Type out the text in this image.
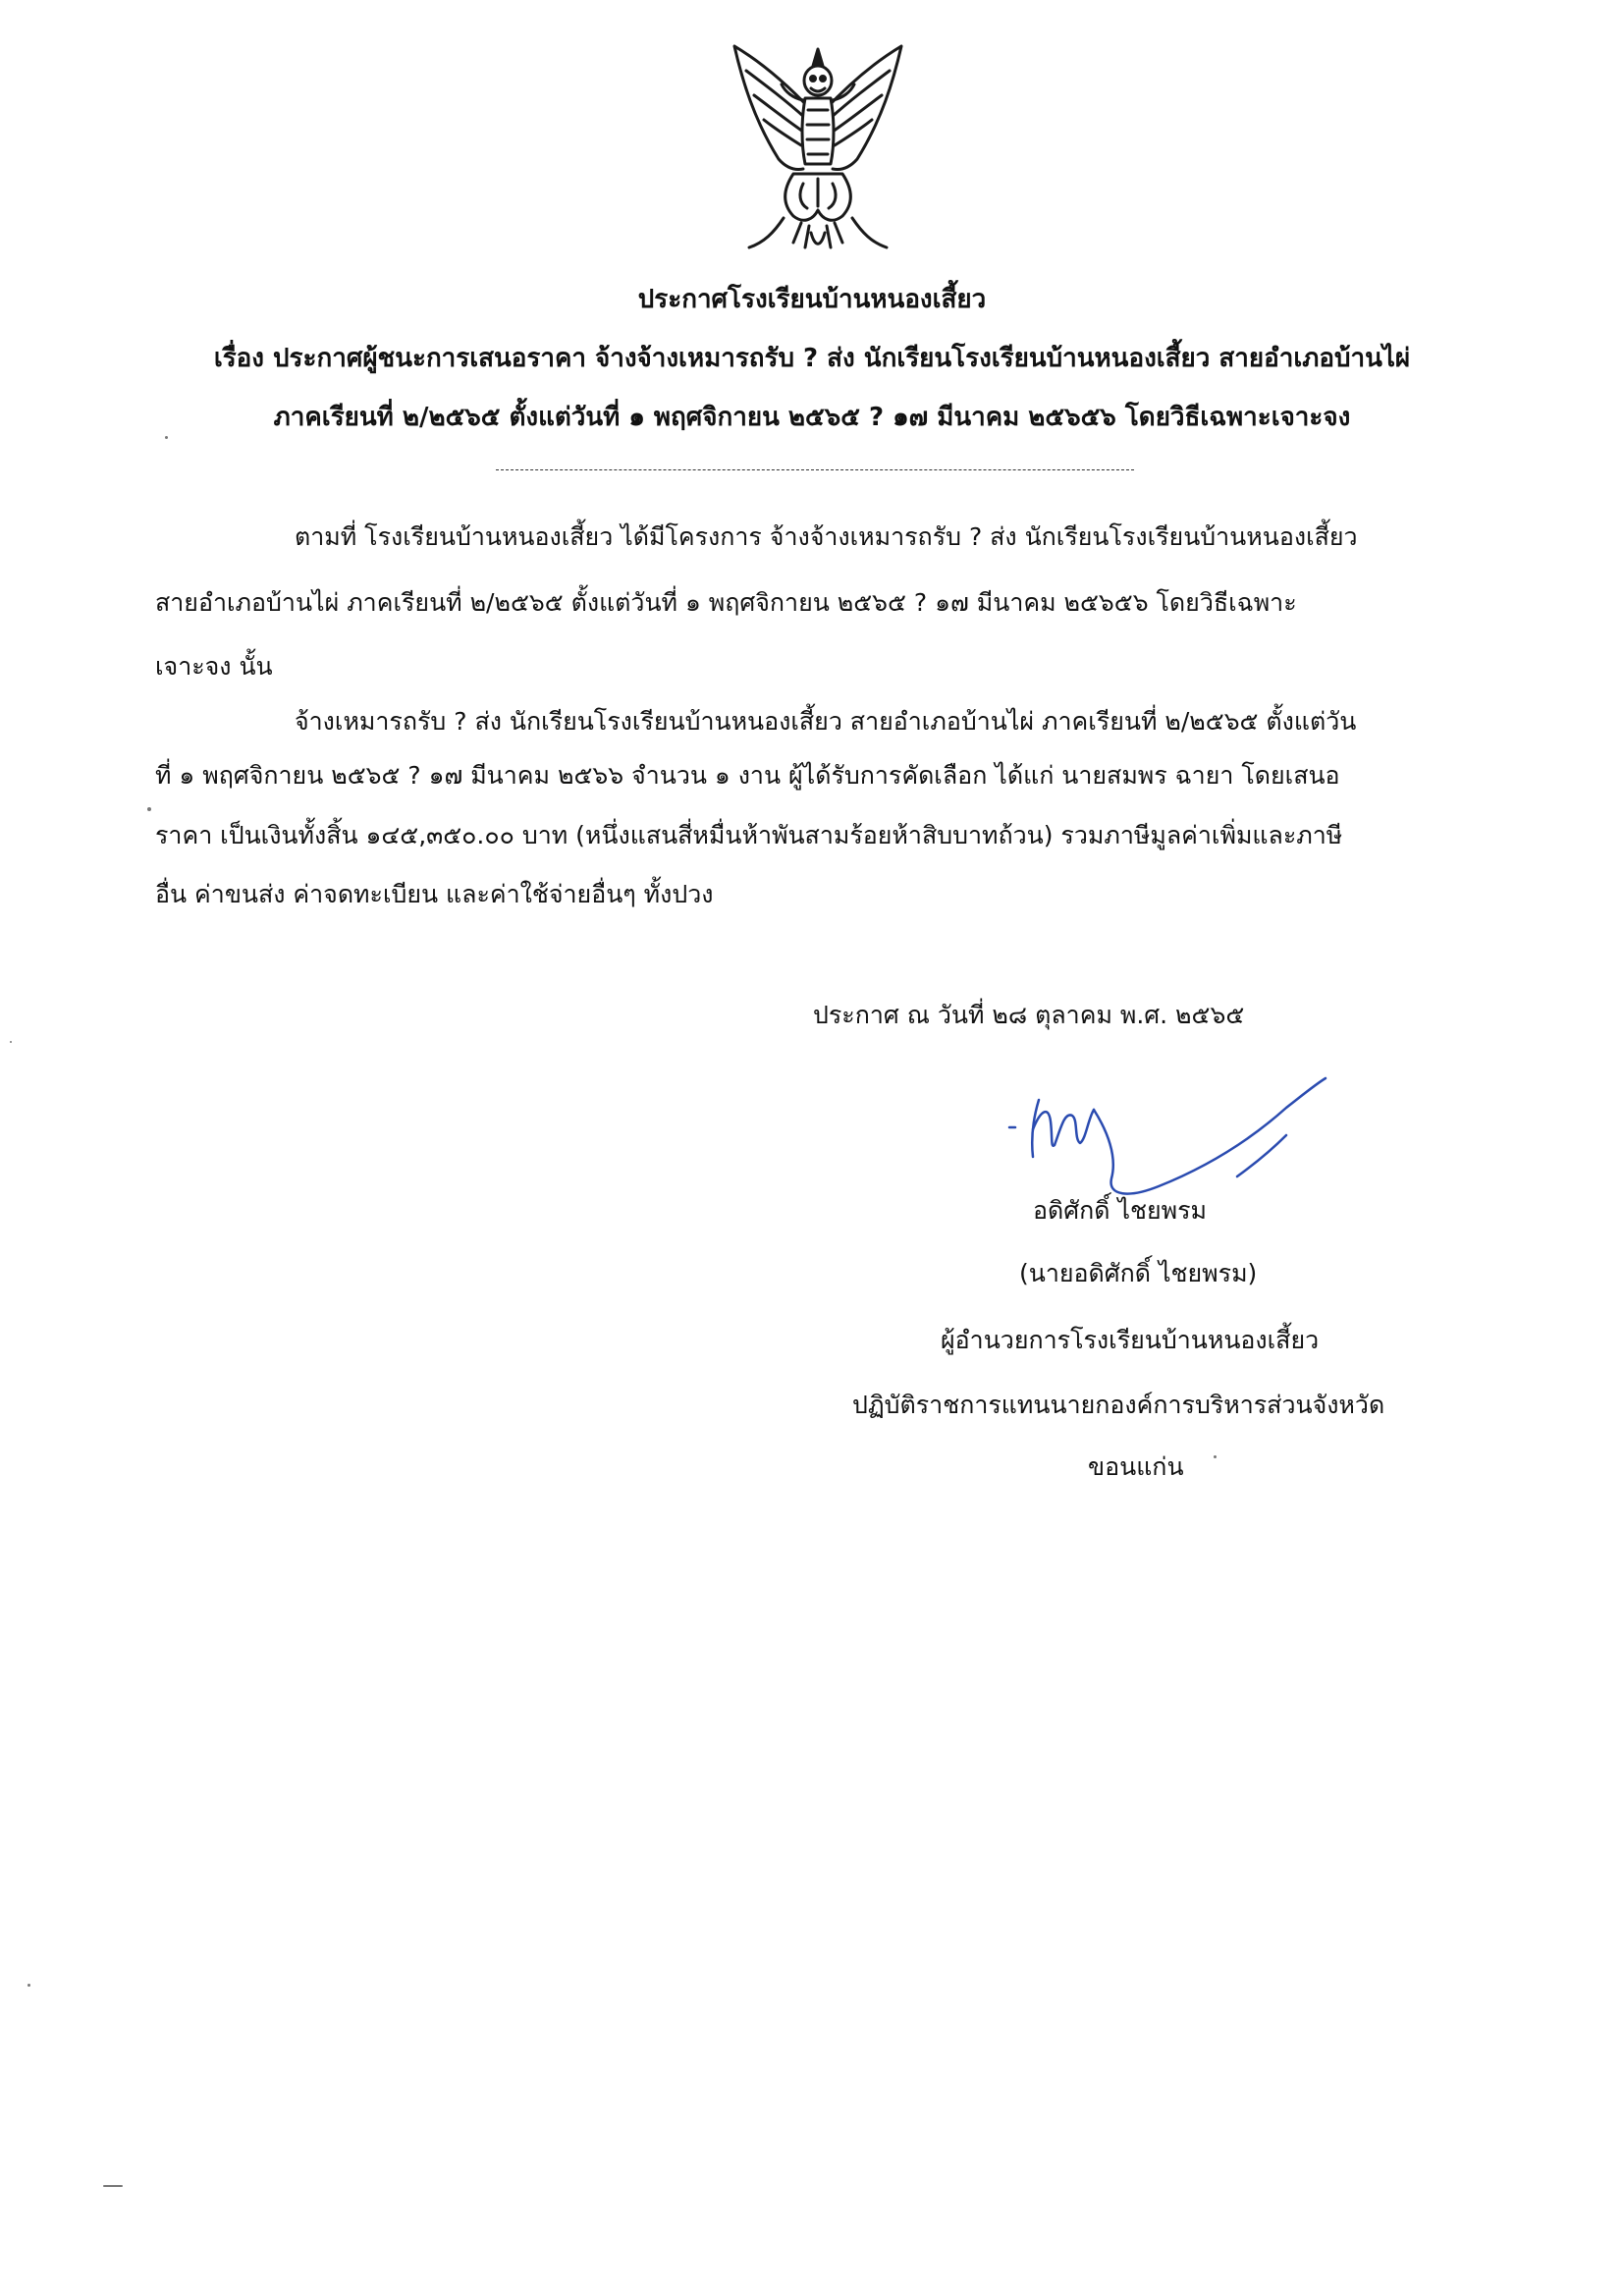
ประกาศโรงเรียนบ้านหนองเสี้ยว
เรื่อง ประกาศผู้ชนะการเสนอราคา จ้างจ้างเหมารถรับ ? ส่ง นักเรียนโรงเรียนบ้านหนองเสี้ยว สายอำเภอบ้านไผ่
ภาคเรียนที่ ๒/๒๕๖๕ ตั้งแต่วันที่ ๑ พฤศจิกายน ๒๕๖๕ ? ๑๗ มีนาคม ๒๕๖๕๖ โดยวิธีเฉพาะเจาะจง
ตามที่ โรงเรียนบ้านหนองเสี้ยว ได้มีโครงการ จ้างจ้างเหมารถรับ ? ส่ง นักเรียนโรงเรียนบ้านหนองเสี้ยว
สายอำเภอบ้านไผ่ ภาคเรียนที่ ๒/๒๕๖๕ ตั้งแต่วันที่ ๑ พฤศจิกายน ๒๕๖๕ ? ๑๗ มีนาคม ๒๕๖๕๖ โดยวิธีเฉพาะ
เจาะจง นั้น
จ้างเหมารถรับ ? ส่ง นักเรียนโรงเรียนบ้านหนองเสี้ยว สายอำเภอบ้านไผ่ ภาคเรียนที่ ๒/๒๕๖๕ ตั้งแต่วัน
ที่ ๑ พฤศจิกายน ๒๕๖๕ ? ๑๗ มีนาคม ๒๕๖๖ จำนวน ๑ งาน ผู้ได้รับการคัดเลือก ได้แก่ นายสมพร ฉายา โดยเสนอ
ราคา เป็นเงินทั้งสิ้น ๑๔๕,๓๕๐.๐๐ บาท (หนึ่งแสนสี่หมื่นห้าพันสามร้อยห้าสิบบาทถ้วน) รวมภาษีมูลค่าเพิ่มและภาษี
อื่น ค่าขนส่ง ค่าจดทะเบียน และค่าใช้จ่ายอื่นๆ ทั้งปวง
ประกาศ ณ วันที่ ๒๘ ตุลาคม พ.ศ. ๒๕๖๕
อดิศักดิ์ ไชยพรม
(นายอดิศักดิ์ ไชยพรม)
ผู้อำนวยการโรงเรียนบ้านหนองเสี้ยว
ปฏิบัติราชการแทนนายกองค์การบริหารส่วนจังหวัด
ขอนแก่น
